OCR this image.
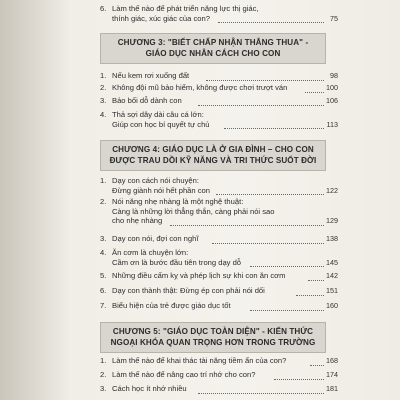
6. Làm thế nào để phát triển năng lực thị giác,
thính giác, xúc giác của con?	75
CHƯƠNG 3: "BIẾT CHẤP NHẬN THẮNG THUA" -
GIÁO DỤC NHÂN CÁCH CHO CON
1. Nếu kem rơi xuống đất	98
2. Không đội mũ bảo hiểm, không được chơi trượt ván	100
3. Bảo bối dỗ dành con	106
4. Thả sợi dây dài câu cá lớn:
Giúp con học bí quyết tự chủ	113
CHƯƠNG 4: GIÁO DỤC LÀ Ở GIA ĐÌNH – CHO CON
ĐƯỢC TRAU DỒI KỸ NĂNG VÀ TRI THỨC SUỐT ĐỜI
1. Dạy con cách nói chuyện:
Đừng giành nói hết phần con	122
2. Nói năng nhẹ nhàng là một nghệ thuật:
Càng là những lời thẳng thắn, càng phải nói sao
cho nhẹ nhàng	129
3. Dạy con nói, đợi con nghĩ	138
4. Ăn cơm là chuyện lớn:
Cầm ơn là bước đầu tiên trong dạy dỗ	145
5. Những điều cấm kỵ và phép lịch sự khi con ăn cơm	142
6. Dạy con thành thật: Đừng ép con phải nói dối	151
7. Biểu hiện của trẻ được giáo dục tốt	160
CHƯƠNG 5: "GIÁO DỤC TOÀN DIỆN" - KIẾN THỨC
NGOẠI KHÓA QUAN TRỌNG HƠN TRONG TRƯỜNG
1. Làm thế nào để khai thác tài năng tiềm ẩn của con?	168
2. Làm thế nào để nâng cao trí nhớ cho con?	174
3. Cách học ít nhớ nhiều	181
